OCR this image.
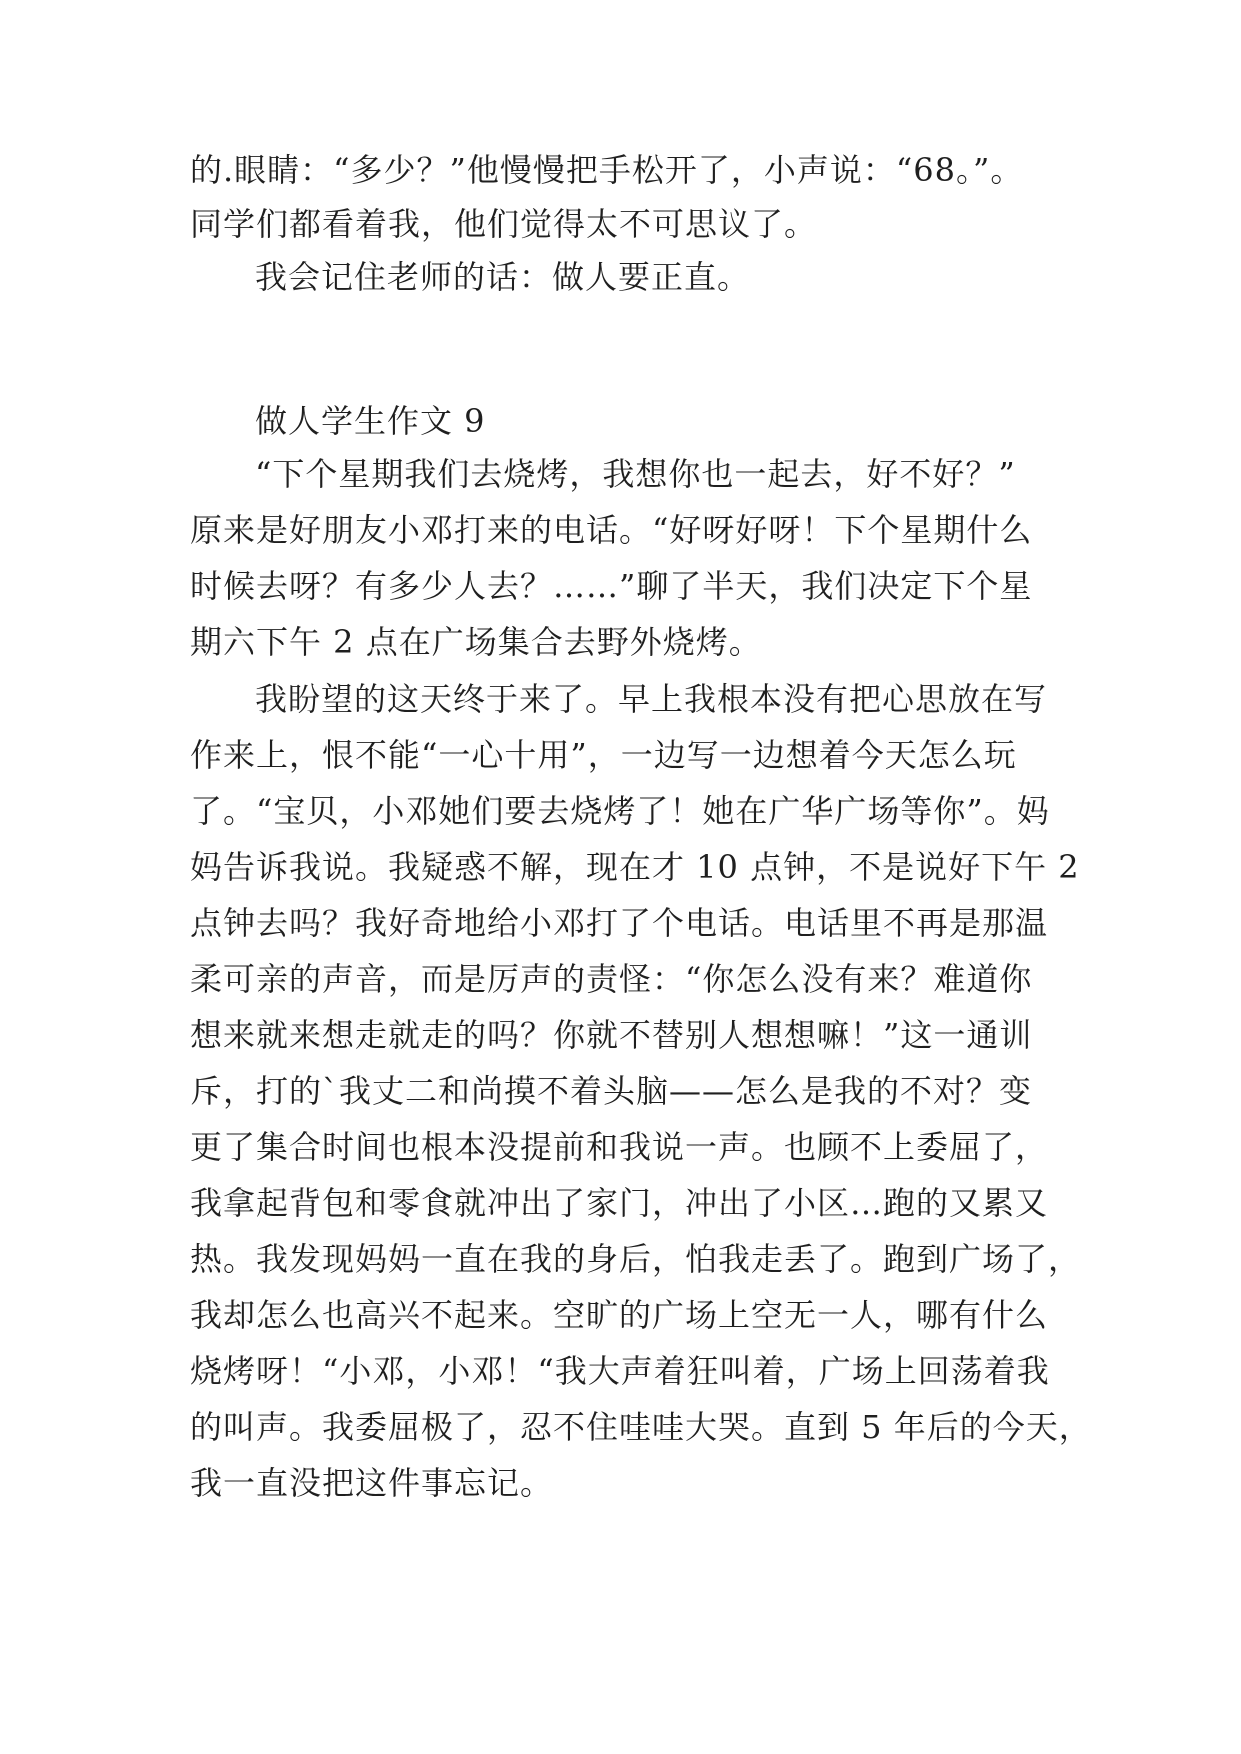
的.眼睛：“多少？”他慢慢把手松开了，小声说：“68。”。

同学们都看着我，他们觉得太不可思议了。

我会记住老师的话：做人要正直。

做人学生作文 9

“下个星期我们去烧烤，我想你也一起去，好不好？”

原来是好朋友小邓打来的电话。“好呀好呀！下个星期什么

时候去呀？有多少人去？……”聊了半天，我们决定下个星

期六下午 2 点在广场集合去野外烧烤。

我盼望的这天终于来了。早上我根本没有把心思放在写

作来上，恨不能“一心十用”，一边写一边想着今天怎么玩

了。“宝贝，小邓她们要去烧烤了！她在广华广场等你”。妈

妈告诉我说。我疑惑不解，现在才 10 点钟，不是说好下午 2

点钟去吗？我好奇地给小邓打了个电话。电话里不再是那温

柔可亲的声音，而是厉声的责怪：“你怎么没有来？难道你

想来就来想走就走的吗？你就不替别人想想嘛！”这一通训

斥，打的`我丈二和尚摸不着头脑——怎么是我的不对？变

更了集合时间也根本没提前和我说一声。也顾不上委屈了，

我拿起背包和零食就冲出了家门，冲出了小区…跑的又累又

热。我发现妈妈一直在我的身后，怕我走丢了。跑到广场了，

我却怎么也高兴不起来。空旷的广场上空无一人，哪有什么

烧烤呀！“小邓，小邓！“我大声着狂叫着，广场上回荡着我

的叫声。我委屈极了，忍不住哇哇大哭。直到 5 年后的今天，

我一直没把这件事忘记。
